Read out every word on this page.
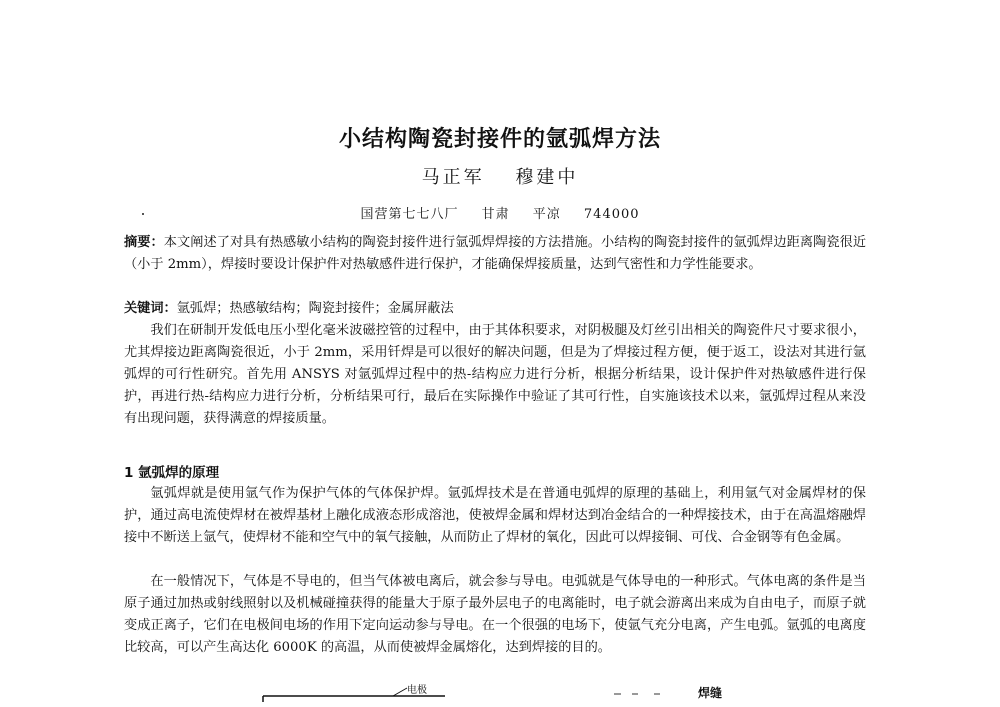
小结构陶瓷封接件的氩弧焊方法
马正军 穆建中
国营第七七八厂 甘肃 平凉 744000
摘要：本文阐述了对具有热感敏小结构的陶瓷封接件进行氩弧焊焊接的方法措施。小结构的陶瓷封接件的氩弧焊边距离陶瓷很近（小于 2mm），焊接时要设计保护件对热敏感件进行保护，才能确保焊接质量，达到气密性和力学性能要求。
关键词：氩弧焊；热感敏结构；陶瓷封接件；金属屏蔽法
我们在研制开发低电压小型化毫米波磁控管的过程中，由于其体积要求，对阴极腿及灯丝引出相关的陶瓷件尺寸要求很小，尤其焊接边距离陶瓷很近，小于 2mm，采用钎焊是可以很好的解决问题，但是为了焊接过程方便，便于返工，设法对其进行氩弧焊的可行性研究。首先用 ANSYS 对氩弧焊过程中的热-结构应力进行分析，根据分析结果，设计保护件对热敏感件进行保护，再进行热-结构应力进行分析，分析结果可行，最后在实际操作中验证了其可行性，自实施该技术以来，氩弧焊过程从来没有出现问题，获得满意的焊接质量。
1 氩弧焊的原理
氩弧焊就是使用氩气作为保护气体的气体保护焊。氩弧焊技术是在普通电弧焊的原理的基础上，利用氩气对金属焊材的保护，通过高电流使焊材在被焊基材上融化成液态形成溶池，使被焊金属和焊材达到冶金结合的一种焊接技术，由于在高温熔融焊接中不断送上氩气，使焊材不能和空气中的氧气接触，从而防止了焊材的氧化，因此可以焊接铜、可伐、合金钢等有色金属。
在一般情况下，气体是不导电的，但当气体被电离后，就会参与导电。电弧就是气体导电的一种形式。气体电离的条件是当原子通过加热或射线照射以及机械碰撞获得的能量大于原子最外层电子的电离能时，电子就会游离出来成为自由电子，而原子就变成正离子，它们在电极间电场的作用下定向运动参与导电。在一个很强的电场下，使氩气充分电离，产生电弧。氩弧的电离度比较高，可以产生高达化 6000K 的高温，从而使被焊金属熔化，达到焊接的目的。
电极	焊缝
